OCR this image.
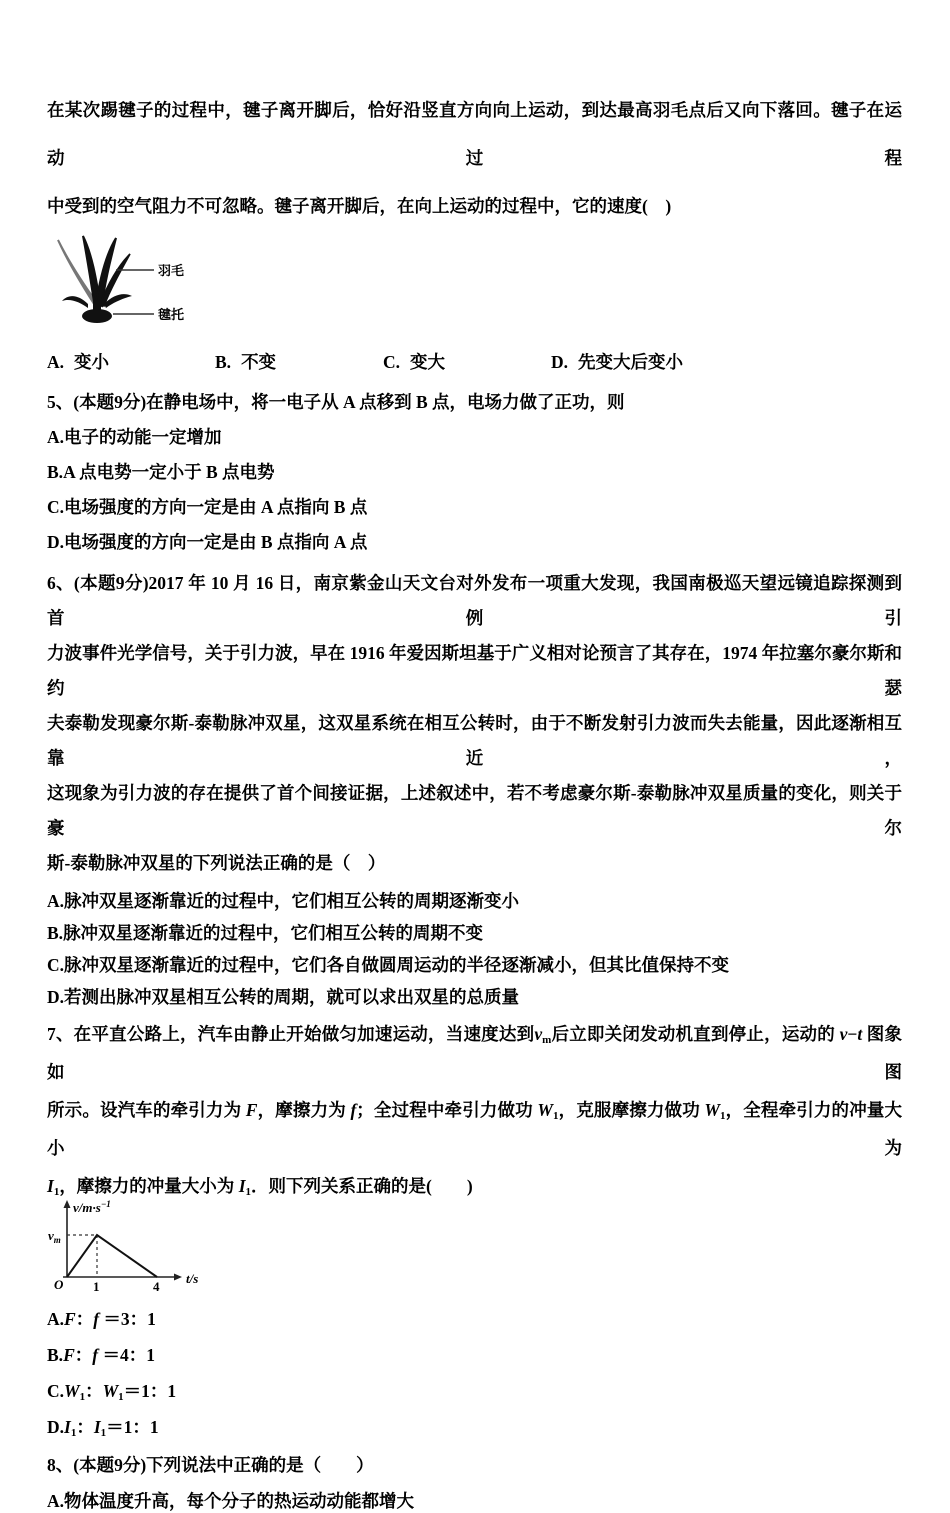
在某次踢毽子的过程中，毽子离开脚后，恰好沿竖直方向向上运动，到达最高羽毛点后又向下落回。毽子在运动过程
中受到的空气阻力不可忽略。毽子离开脚后，在向上运动的过程中，它的速度(　)
羽毛
毽托
A. 变小	B. 不变	C. 变大	D. 先变大后变小
5、(本题9分)在静电场中，将一电子从 A 点移到 B 点，电场力做了正功，则
A. 电子的动能一定增加
B. A 点电势一定小于 B 点电势
C. 电场强度的方向一定是由 A 点指向 B 点
D. 电场强度的方向一定是由 B 点指向 A 点
6、(本题9分)2017 年 10 月 16 日，南京紫金山天文台对外发布一项重大发现，我国南极巡天望远镜追踪探测到首例引
力波事件光学信号，关于引力波，早在 1916 年爱因斯坦基于广义相对论预言了其存在，1974 年拉塞尔豪尔斯和约瑟
夫泰勒发现豪尔斯-泰勒脉冲双星，这双星系统在相互公转时，由于不断发射引力波而失去能量，因此逐渐相互靠近，
这现象为引力波的存在提供了首个间接证据，上述叙述中，若不考虑豪尔斯-泰勒脉冲双星质量的变化，则关于豪尔
斯-泰勒脉冲双星的下列说法正确的是（　）
A. 脉冲双星逐渐靠近的过程中，它们相互公转的周期逐渐变小
B. 脉冲双星逐渐靠近的过程中，它们相互公转的周期不变
C. 脉冲双星逐渐靠近的过程中，它们各自做圆周运动的半径逐渐减小，但其比值保持不变
D. 若测出脉冲双星相互公转的周期，就可以求出双星的总质量
7、在平直公路上，汽车由静止开始做匀加速运动，当速度达到$v_m$后立即关闭发动机直到停止，运动的 v−t 图象如图
所示。设汽车的牵引力为 F，摩擦力为 f；全过程中牵引力做功 $W_1$，克服摩擦力做功 $W_1$，全程牵引力的冲量大小为
$I_1$，摩擦力的冲量大小为 $I_1$．则下列关系正确的是(　　)
$v/m\cdot s^{-1}$
t/s
O
$v_m$
1	4
A. F：f ＝3：1
B. F：f ＝4：1
C. $W_1$：$W_1=1$：1
D. $I_1$：$I_1=1$：1
8、(本题9分)下列说法中正确的是（　　）
A. 物体温度升高，每个分子的热运动动能都增大
